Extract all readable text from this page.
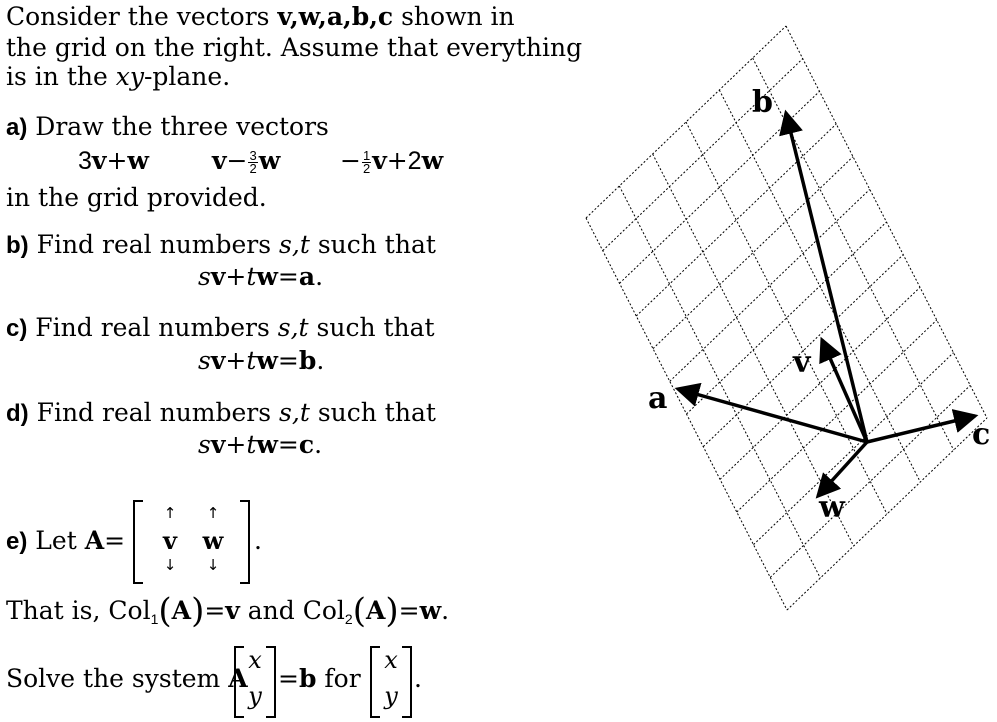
Consider the vectors v,w,a,b,c shown in
the grid on the right. Assume that everything
is in the xy-plane.
a) Draw the three vectors
3v+w	$v- \frac{3}{2}$ $w - \frac{1}{2} v+2w$
in the grid provided.
b) Find real numbers s,t such that
sv+tw=a.
c) Find real numbers s,t such that
sv+tw=b.
d) Find real numbers s,t such that
sv+tw=c.
e) Let A=
↑	↑
v	w
↓	↓
.
That is, Col$_1$(A)=v and Col$_2$(A)=w.
Solve the system A
x
y
=b for
x
y
.
a
b
c
v
w
